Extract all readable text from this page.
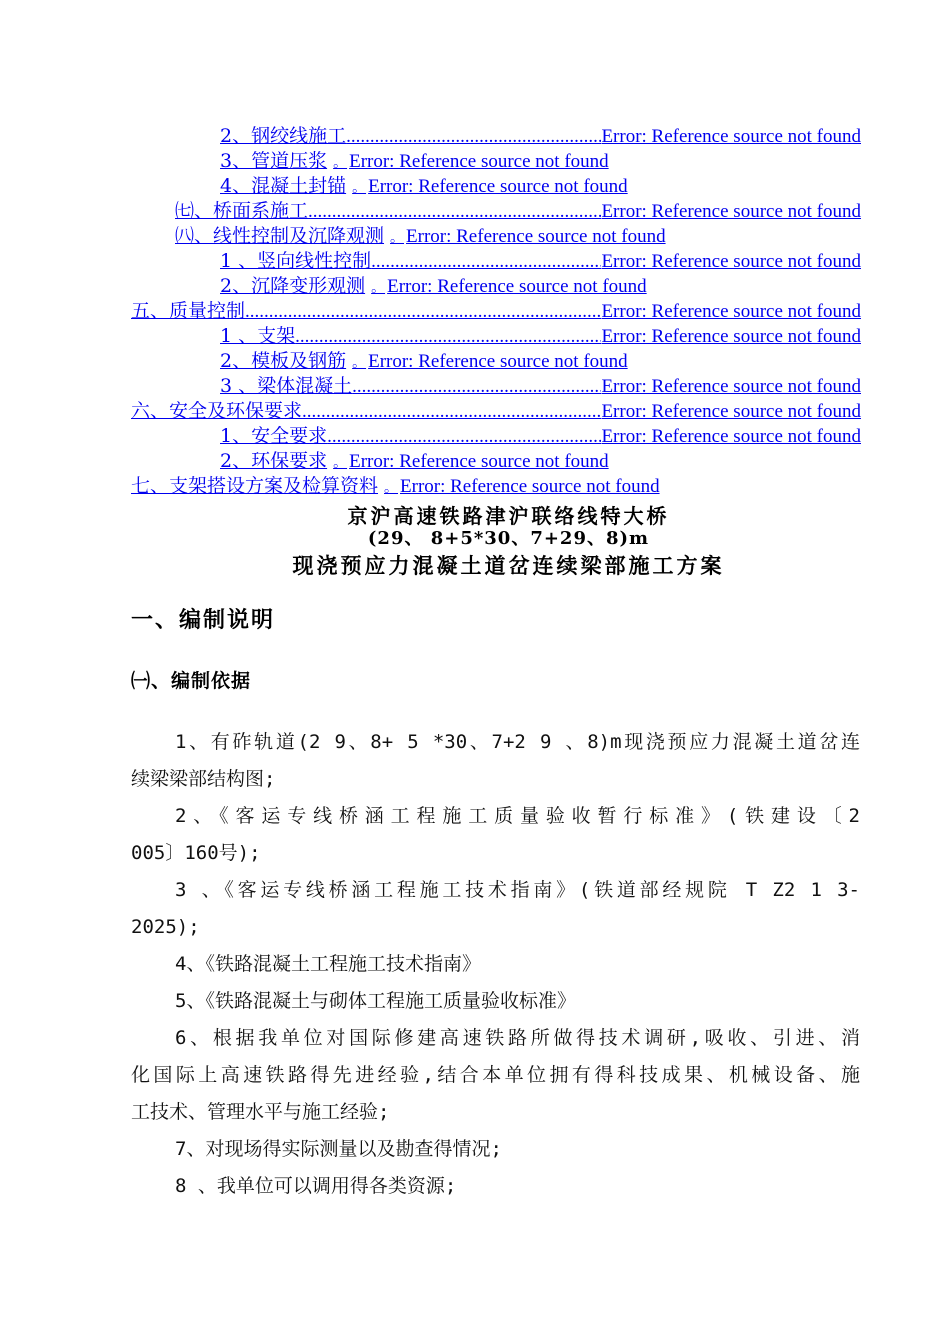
2、钢绞线施工 .....	Error: Reference source not found
3、管道压浆 。 Error: Reference source not found
4、混凝土封锚 。 Error: Reference source not found
㈦、桥面系施工 .....	Error: Reference source not found
㈧、线性控制及沉降观测 。 Error: Reference source not found
1 、竖向线性控制 .....	Error: Reference source not found
2、沉降变形观测 。 Error: Reference source not found
五、质量控制 .....	Error: Reference source not found
1 、支架 .....	Error: Reference source not found
2、模板及钢筋 。 Error: Reference source not found
3 、梁体混凝土 .....	Error: Reference source not found
六、安全及环保要求 .....	Error: Reference source not found
1、安全要求 .....	Error: Reference source not found
2、环保要求 。 Error: Reference source not found
七、支架搭设方案及检算资料 。 Error: Reference source not found
京沪高速铁路津沪联络线特大桥
(29、 8+5*30、7+29、8)m
现浇预应力混凝土道岔连续梁部施工方案
一、编制说明
㈠、编制依据
1、有砟轨道(2 9、8+ 5 *30、7+2 9 、8)m现浇预应力混凝土道岔连
续梁梁部结构图;
2、《客运专线桥涵工程施工质量验收暂行标准》(铁建设〔2
005〕160号);
3 、《客运专线桥涵工程施工技术指南》(铁道部经规院 T Z2 1 3-
2025);
4、《铁路混凝土工程施工技术指南》
5、《铁路混凝土与砌体工程施工质量验收标准》
6、根据我单位对国际修建高速铁路所做得技术调研,吸收、引进、消
化国际上高速铁路得先进经验,结合本单位拥有得科技成果、机械设备、施
工技术、管理水平与施工经验;
7、对现场得实际测量以及勘查得情况;
8 、我单位可以调用得各类资源;
